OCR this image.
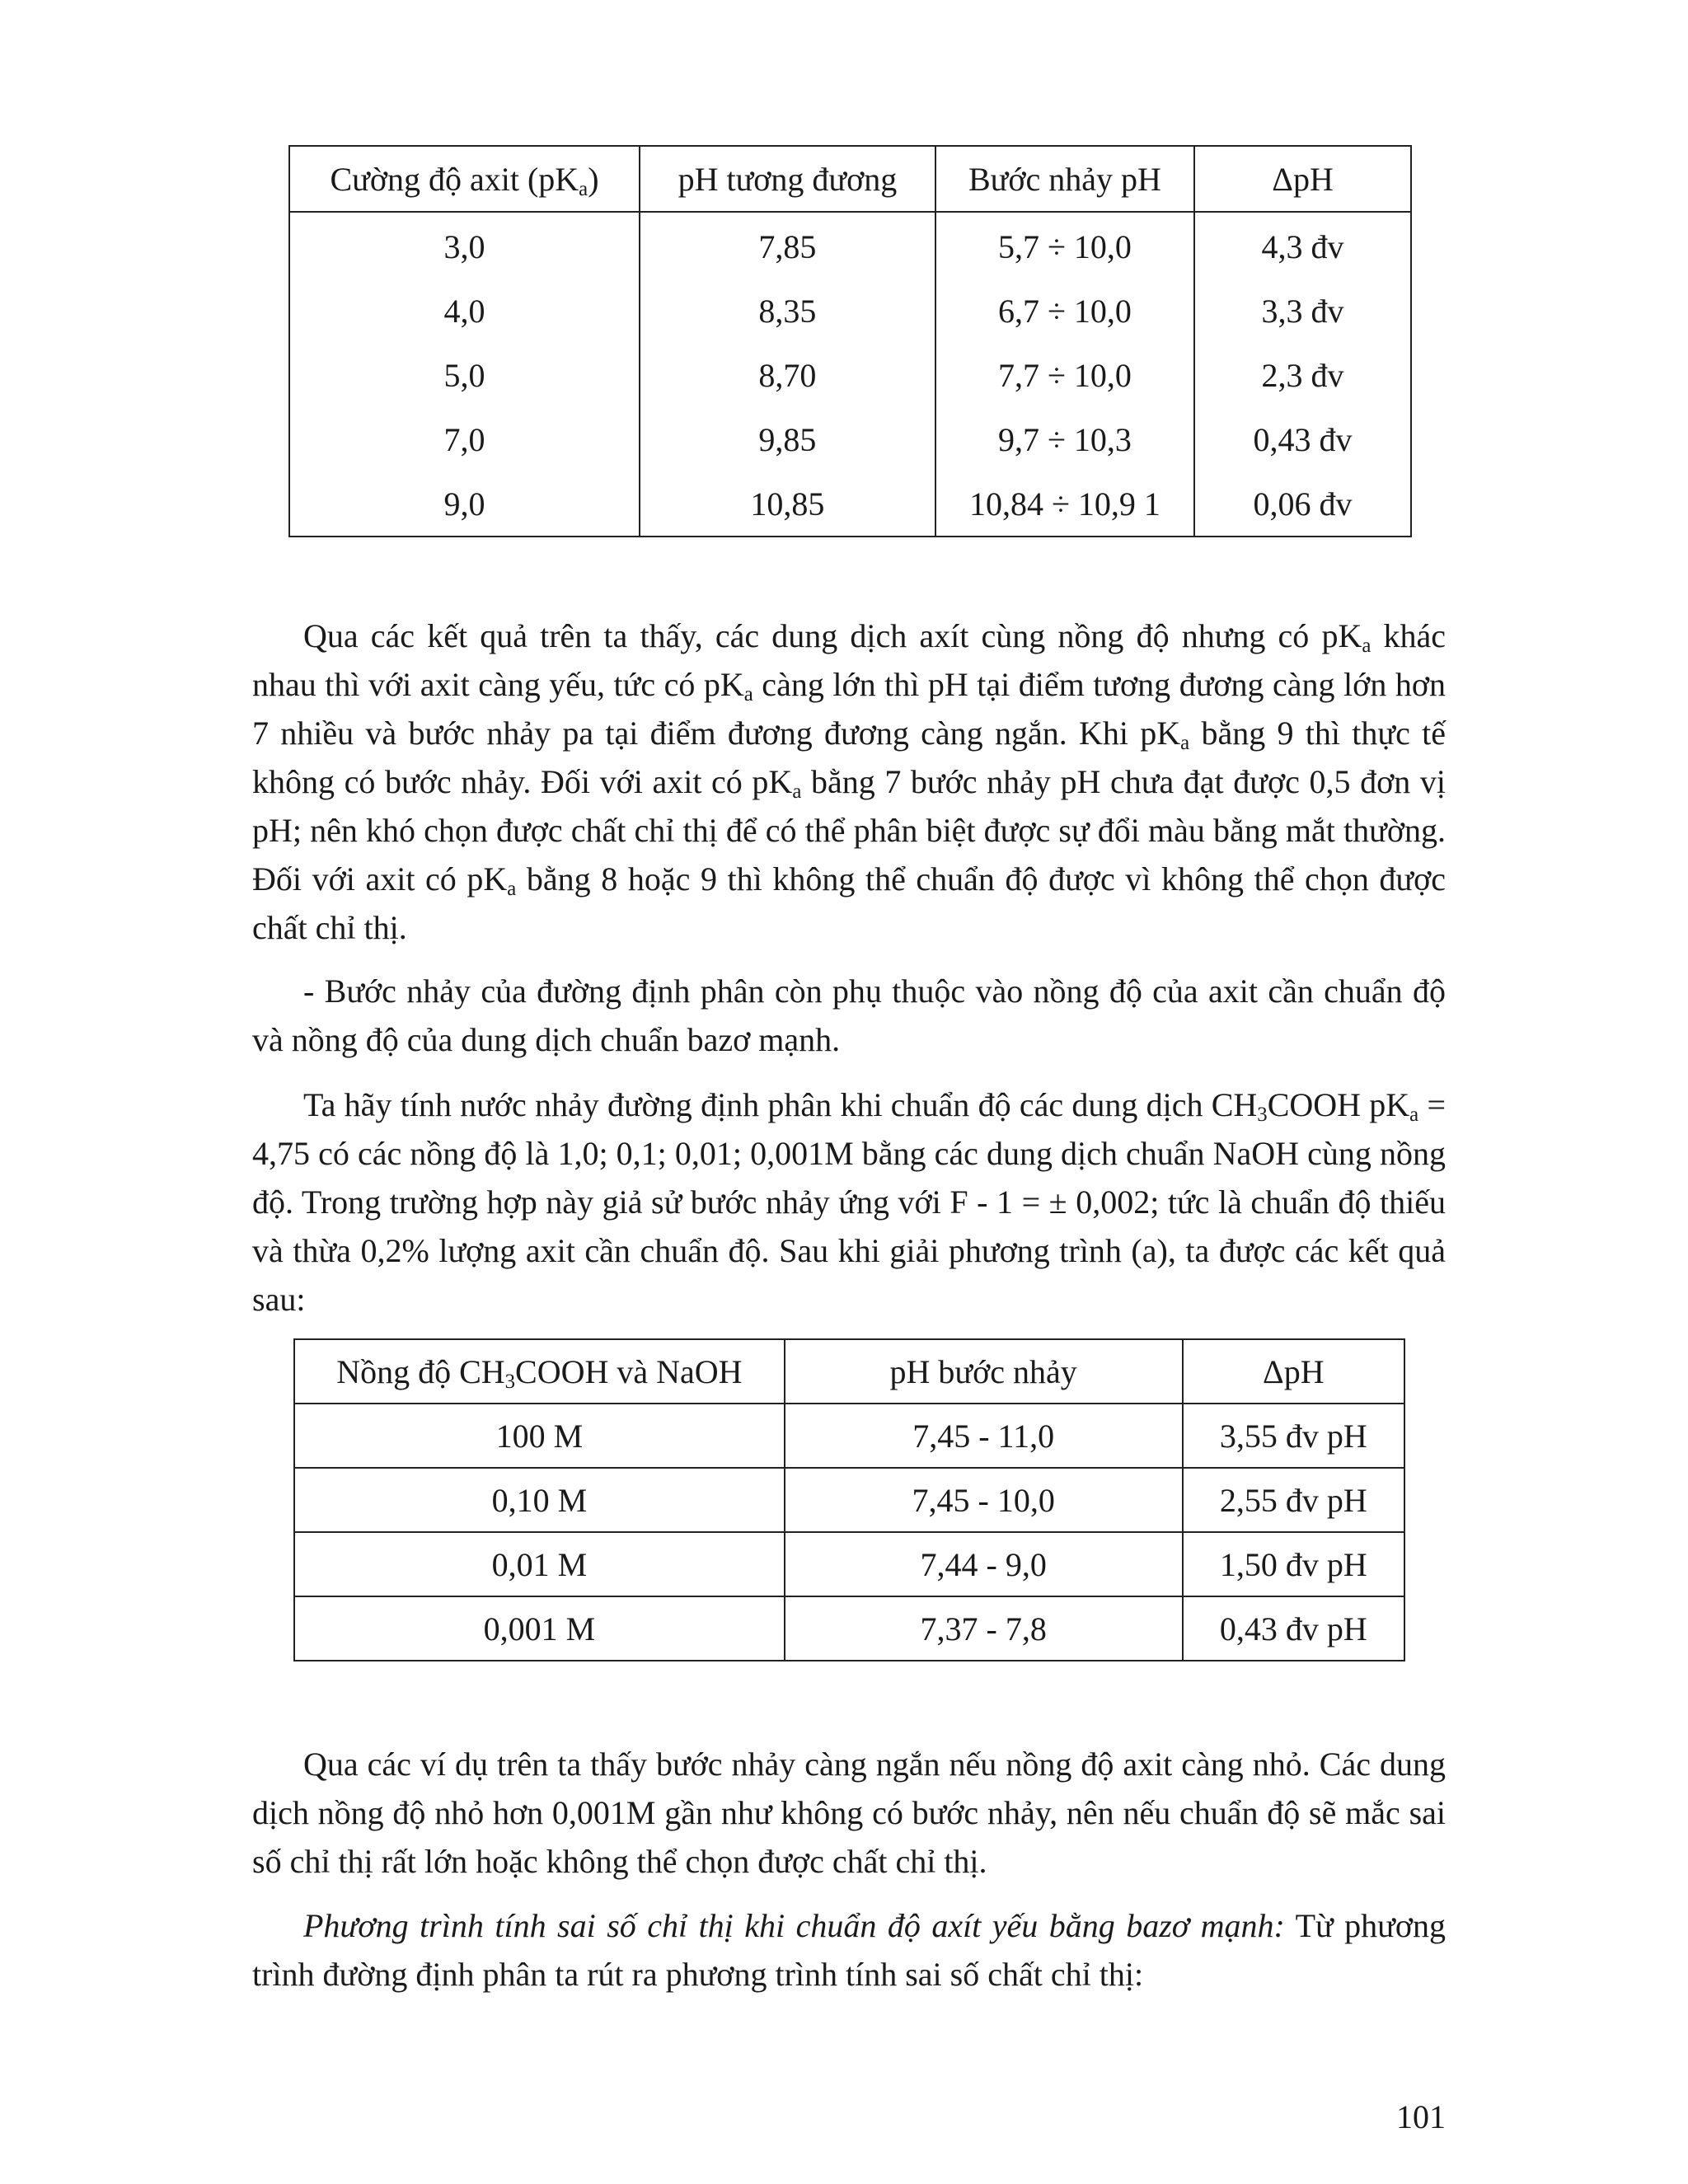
Cường độ axit $(pK_a)$	pH tương đương	Bước nhảy pH	ΔpH
3,0	7,85	5,7 ÷ 10,0	4,3 đv
4,0	8,35	6,7 ÷ 10,0	3,3 đv
5,0	8,70	7,7 ÷ 10,0	2,3 đv
7,0	9,85	9,7 ÷ 10,3	0,43 đv
9,0	10,85	10,84 ÷ 10,9 1	0,06 đv

Qua các kết quả trên ta thấy, các dung dịch axít cùng nồng độ nhưng có $pK_a$ khác nhau thì với axit càng yếu, tức có $pK_a$ càng lớn thì pH tại điểm tương đương càng lớn hơn 7 nhiều và bước nhảy pa tại điểm đương đương càng ngắn. Khi $pK_a$ bằng 9 thì thực tế không có bước nhảy. Đối với axit có $pK_a$ bằng 7 bước nhảy pH chưa đạt được 0,5 đơn vị pH; nên khó chọn được chất chỉ thị để có thể phân biệt được sự đổi màu bằng mắt thường. Đối với axit có $pK_a$ bằng 8 hoặc 9 thì không thể chuẩn độ được vì không thể chọn được chất chỉ thị.

- Bước nhảy của đường định phân còn phụ thuộc vào nồng độ của axit cần chuẩn độ và nồng độ của dung dịch chuẩn bazơ mạnh.

Ta hãy tính nước nhảy đường định phân khi chuẩn độ các dung dịch $CH_3COOH$ $pK_a = 4,75$ có các nồng độ là 1,0; 0,1; 0,01; 0,001M bằng các dung dịch chuẩn NaOH cùng nồng độ. Trong trường hợp này giả sử bước nhảy ứng với F - 1 = ± 0,002; tức là chuẩn độ thiếu và thừa 0,2% lượng axit cần chuẩn độ. Sau khi giải phương trình (a), ta được các kết quả sau:

Nồng độ $CH_3COOH$ và NaOH	pH bước nhảy	ΔpH
100 M	7,45 - 11,0	3,55 đv pH
0,10 M	7,45 - 10,0	2,55 đv pH
0,01 M	7,44 - 9,0	1,50 đv pH
0,001 M	7,37 - 7,8	0,43 đv pH

Qua các ví dụ trên ta thấy bước nhảy càng ngắn nếu nồng độ axit càng nhỏ. Các dung dịch nồng độ nhỏ hơn 0,001M gần như không có bước nhảy, nên nếu chuẩn độ sẽ mắc sai số chỉ thị rất lớn hoặc không thể chọn được chất chỉ thị.

Phương trình tính sai số chỉ thị khi chuẩn độ axít yếu bằng bazơ mạnh: Từ phương trình đường định phân ta rút ra phương trình tính sai số chất chỉ thị:

101
